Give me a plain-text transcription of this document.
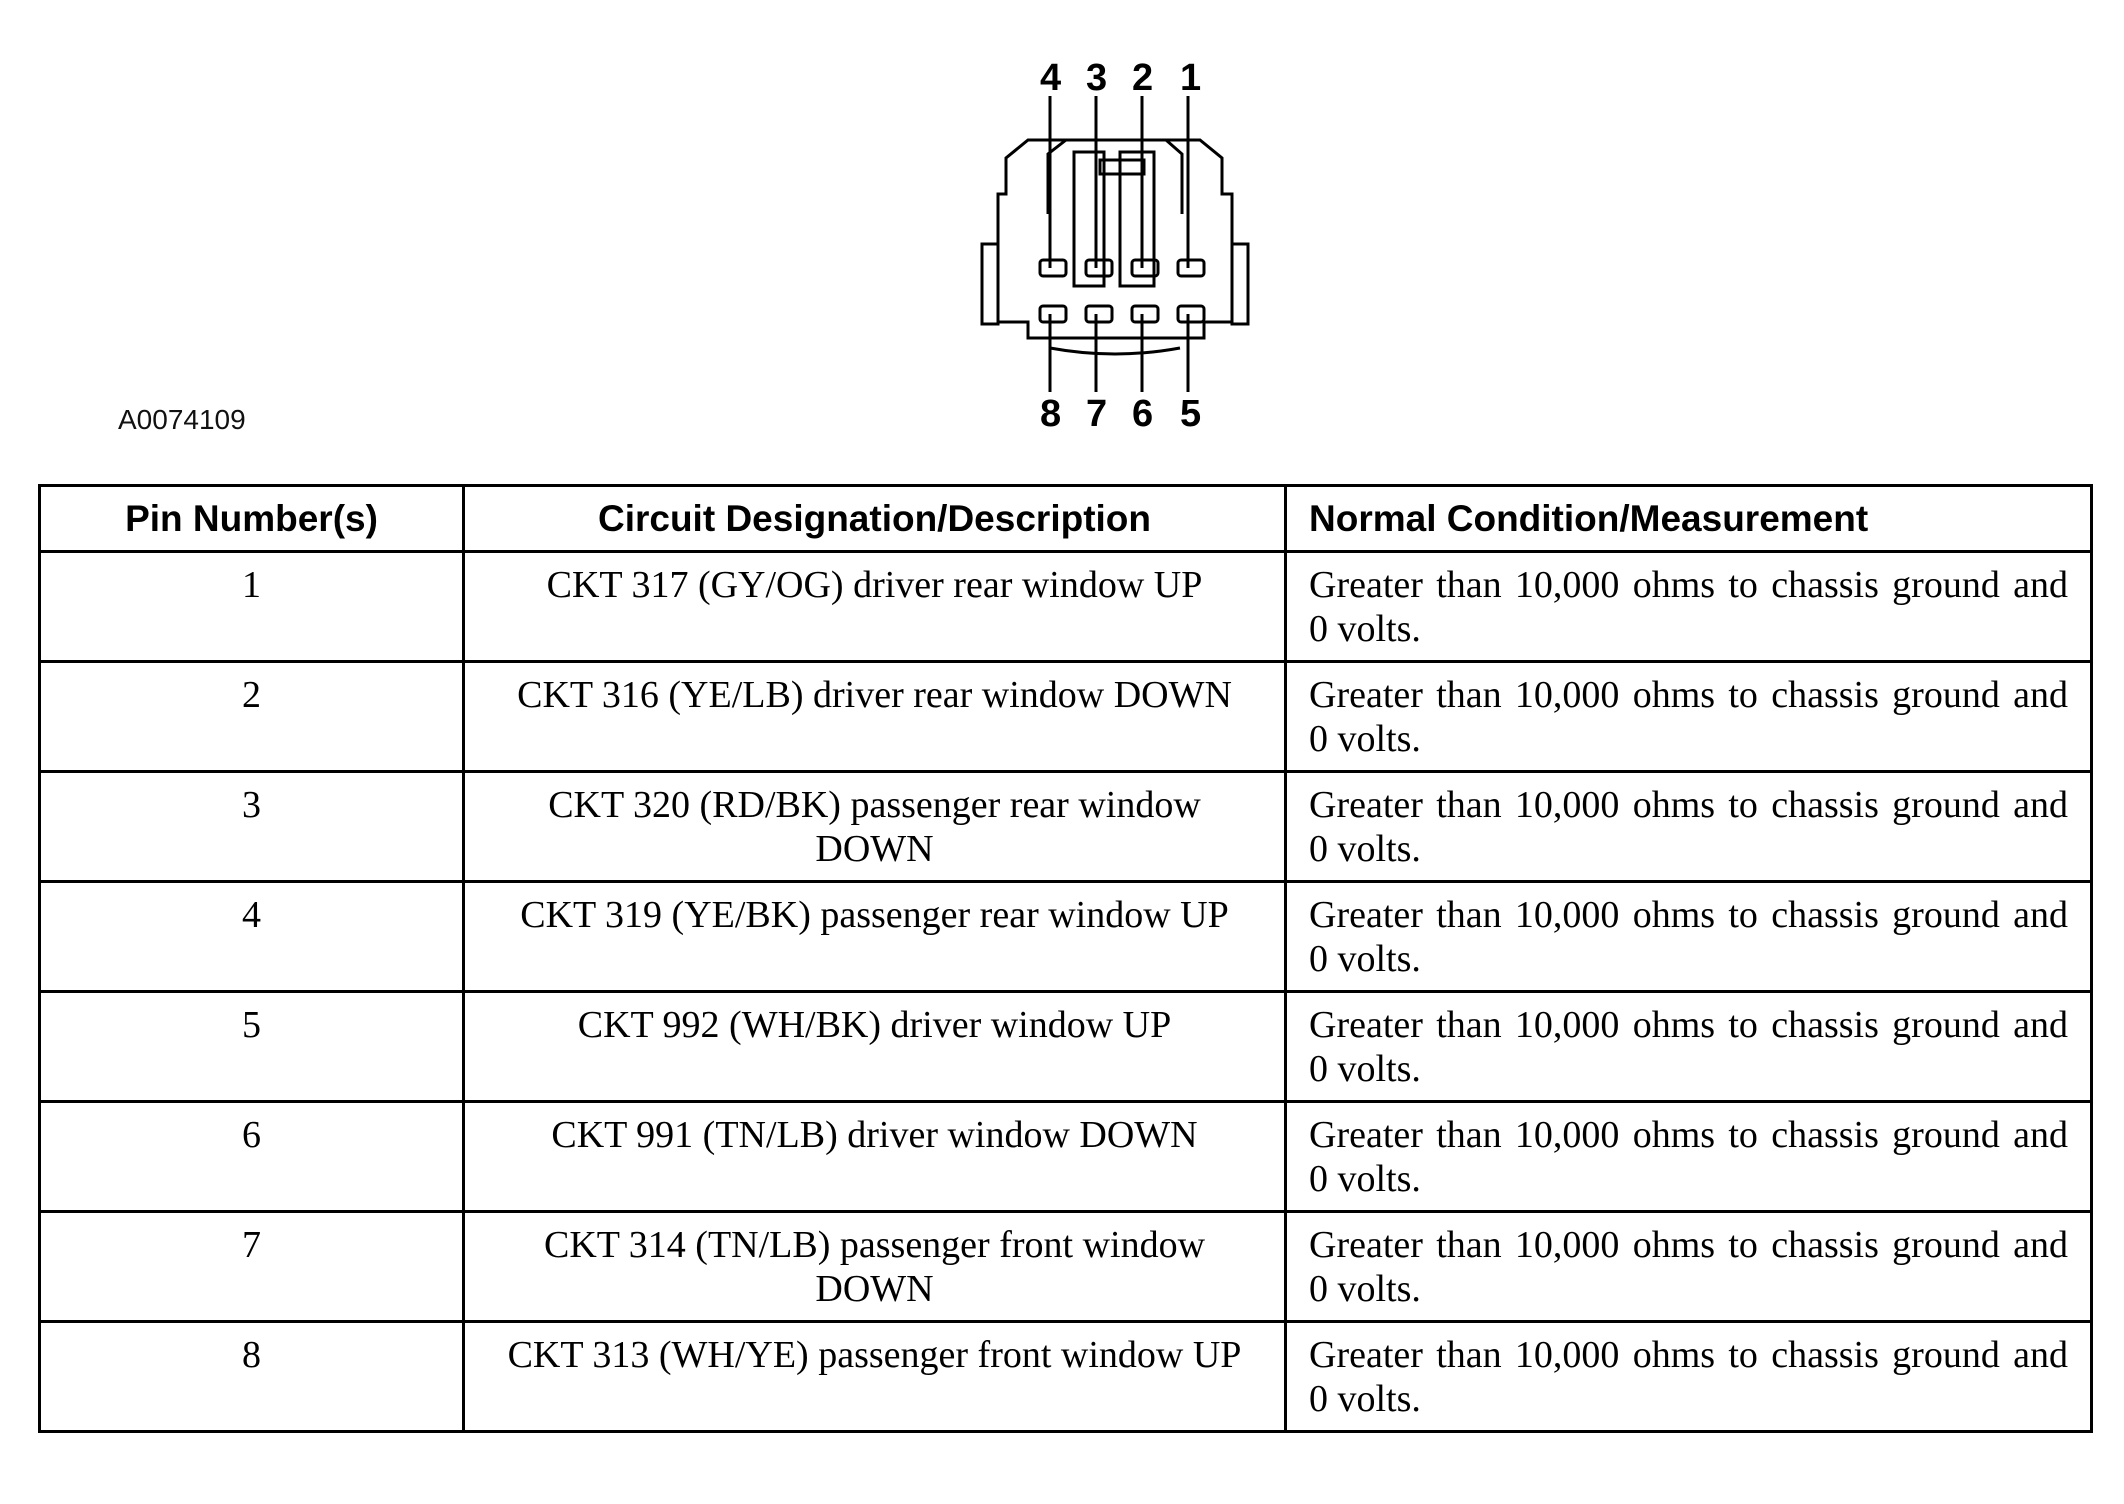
A0074109
4 3 2 1
8 7 6 5
Pin Number(s)	Circuit Designation/Description	Normal Condition/Measurement
1	CKT 317 (GY/OG) driver rear window UP	Greater than 10,000 ohms to chassis ground and 0 volts.
2	CKT 316 (YE/LB) driver rear window DOWN	Greater than 10,000 ohms to chassis ground and 0 volts.
3	CKT 320 (RD/BK) passenger rear window DOWN	Greater than 10,000 ohms to chassis ground and 0 volts.
4	CKT 319 (YE/BK) passenger rear window UP	Greater than 10,000 ohms to chassis ground and 0 volts.
5	CKT 992 (WH/BK) driver window UP	Greater than 10,000 ohms to chassis ground and 0 volts.
6	CKT 991 (TN/LB) driver window DOWN	Greater than 10,000 ohms to chassis ground and 0 volts.
7	CKT 314 (TN/LB) passenger front window DOWN	Greater than 10,000 ohms to chassis ground and 0 volts.
8	CKT 313 (WH/YE) passenger front window UP	Greater than 10,000 ohms to chassis ground and 0 volts.
